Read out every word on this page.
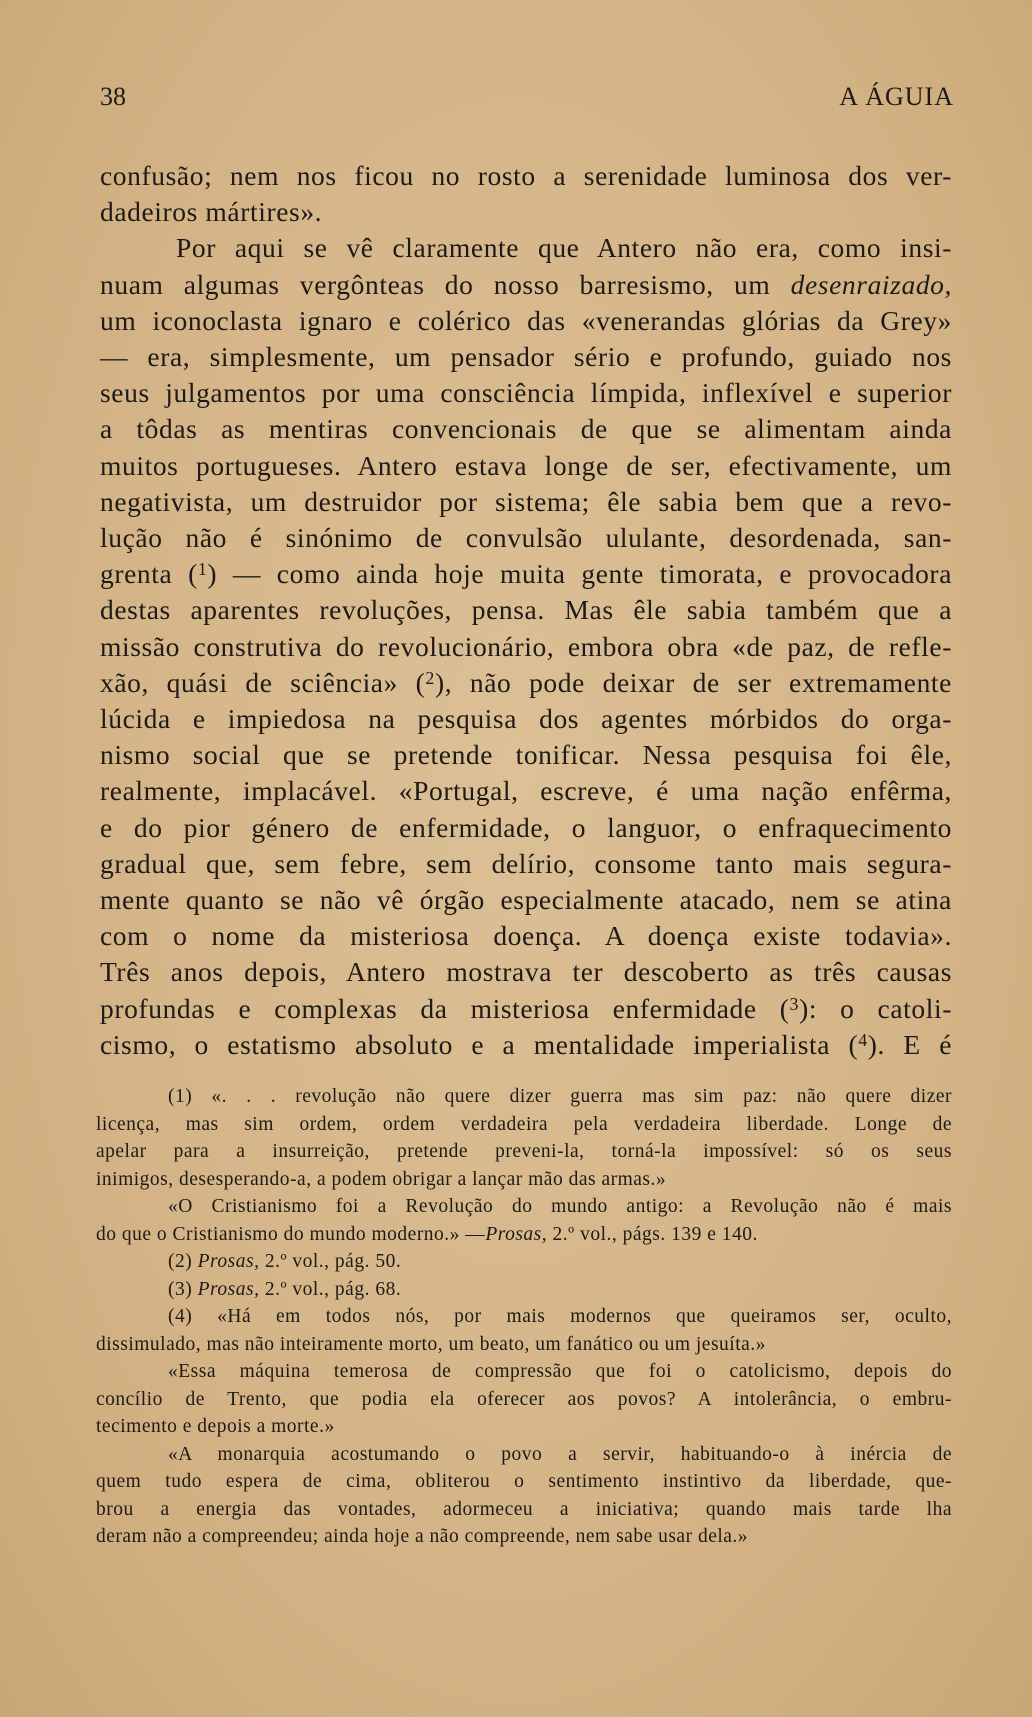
38	A ÁGUIA

confusão; nem nos ficou no rosto a serenidade luminosa dos ver-

dadeiros mártires».

Por aqui se vê claramente que Antero não era, como insi-

nuam algumas vergônteas do nosso barresismo, um desenraizado,

um iconoclasta ignaro e colérico das «venerandas glórias da Grey»

— era, simplesmente, um pensador sério e profundo, guiado nos

seus julgamentos por uma consciência límpida, inflexível e superior

a tôdas as mentiras convencionais de que se alimentam ainda

muitos portugueses. Antero estava longe de ser, efectivamente, um

negativista, um destruidor por sistema; êle sabia bem que a revo-

lução não é sinónimo de convulsão ululante, desordenada, san-

grenta ($^1$) — como ainda hoje muita gente timorata, e provocadora

destas aparentes revoluções, pensa. Mas êle sabia também que a

missão construtiva do revolucionário, embora obra «de paz, de refle-

xão, quási de sciência» ($^2$), não pode deixar de ser extremamente

lúcida e impiedosa na pesquisa dos agentes mórbidos do orga-

nismo social que se pretende tonificar. Nessa pesquisa foi êle,

realmente, implacável. «Portugal, escreve, é uma nação enfêrma,

e do pior género de enfermidade, o languor, o enfraquecimento

gradual que, sem febre, sem delírio, consome tanto mais segura-

mente quanto se não vê órgão especialmente atacado, nem se atina

com o nome da misteriosa doença. A doença existe todavia».

Três anos depois, Antero mostrava ter descoberto as três causas

profundas e complexas da misteriosa enfermidade ($^3$): o catoli-

cismo, o estatismo absoluto e a mentalidade imperialista ($^4$). E é

(1) «. . . revolução não quere dizer guerra mas sim paz: não quere dizer

licença, mas sim ordem, ordem verdadeira pela verdadeira liberdade. Longe de

apelar para a insurreição, pretende preveni-la, torná-la impossível: só os seus

inimigos, desesperando-a, a podem obrigar a lançar mão das armas.»

«O Cristianismo foi a Revolução do mundo antigo: a Revolução não é mais

do que o Cristianismo do mundo moderno.» —Prosas, 2.º vol., págs. 139 e 140.

(2) Prosas, 2.º vol., pág. 50.

(3) Prosas, 2.º vol., pág. 68.

(4) «Há em todos nós, por mais modernos que queiramos ser, oculto,

dissimulado, mas não inteiramente morto, um beato, um fanático ou um jesuíta.»

«Essa máquina temerosa de compressão que foi o catolicismo, depois do

concílio de Trento, que podia ela oferecer aos povos? A intolerância, o embru-

tecimento e depois a morte.»

«A monarquia acostumando o povo a servir, habituando-o à inércia de

quem tudo espera de cima, obliterou o sentimento instintivo da liberdade, que-

brou a energia das vontades, adormeceu a iniciativa; quando mais tarde lha

deram não a compreendeu; ainda hoje a não compreende, nem sabe usar dela.»
